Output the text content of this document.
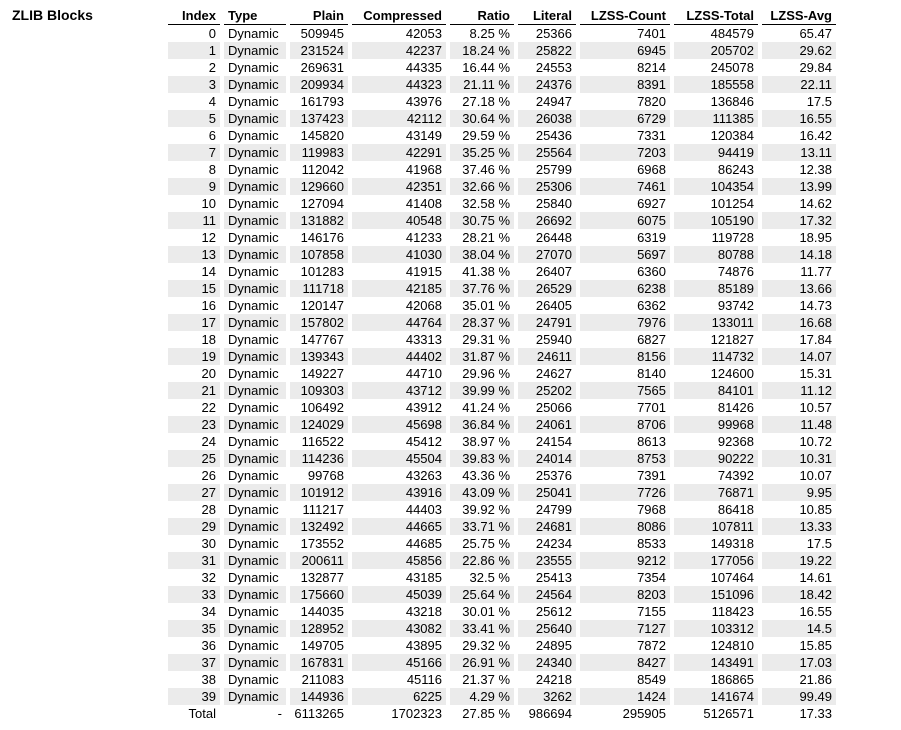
ZLIB Blocks	Index		Type		Plain		Compressed		Ratio		Literal		LZSS-Count		LZSS-Total		LZSS-Avg
0		Dynamic		509945		42053		8.25 %		25366		7401		484579		65.47
1		Dynamic		231524		42237		18.24 %		25822		6945		205702		29.62
2		Dynamic		269631		44335		16.44 %		24553		8214		245078		29.84
3		Dynamic		209934		44323		21.11 %		24376		8391		185558		22.11
4		Dynamic		161793		43976		27.18 %		24947		7820		136846		17.5
5		Dynamic		137423		42112		30.64 %		26038		6729		111385		16.55
6		Dynamic		145820		43149		29.59 %		25436		7331		120384		16.42
7		Dynamic		119983		42291		35.25 %		25564		7203		94419		13.11
8		Dynamic		112042		41968		37.46 %		25799		6968		86243		12.38
9		Dynamic		129660		42351		32.66 %		25306		7461		104354		13.99
10		Dynamic		127094		41408		32.58 %		25840		6927		101254		14.62
11		Dynamic		131882		40548		30.75 %		26692		6075		105190		17.32
12		Dynamic		146176		41233		28.21 %		26448		6319		119728		18.95
13		Dynamic		107858		41030		38.04 %		27070		5697		80788		14.18
14		Dynamic		101283		41915		41.38 %		26407		6360		74876		11.77
15		Dynamic		111718		42185		37.76 %		26529		6238		85189		13.66
16		Dynamic		120147		42068		35.01 %		26405		6362		93742		14.73
17		Dynamic		157802		44764		28.37 %		24791		7976		133011		16.68
18		Dynamic		147767		43313		29.31 %		25940		6827		121827		17.84
19		Dynamic		139343		44402		31.87 %		24611		8156		114732		14.07
20		Dynamic		149227		44710		29.96 %		24627		8140		124600		15.31
21		Dynamic		109303		43712		39.99 %		25202		7565		84101		11.12
22		Dynamic		106492		43912		41.24 %		25066		7701		81426		10.57
23		Dynamic		124029		45698		36.84 %		24061		8706		99968		11.48
24		Dynamic		116522		45412		38.97 %		24154		8613		92368		10.72
25		Dynamic		114236		45504		39.83 %		24014		8753		90222		10.31
26		Dynamic		99768		43263		43.36 %		25376		7391		74392		10.07
27		Dynamic		101912		43916		43.09 %		25041		7726		76871		9.95
28		Dynamic		111217		44403		39.92 %		24799		7968		86418		10.85
29		Dynamic		132492		44665		33.71 %		24681		8086		107811		13.33
30		Dynamic		173552		44685		25.75 %		24234		8533		149318		17.5
31		Dynamic		200611		45856		22.86 %		23555		9212		177056		19.22
32		Dynamic		132877		43185		32.5 %		25413		7354		107464		14.61
33		Dynamic		175660		45039		25.64 %		24564		8203		151096		18.42
34		Dynamic		144035		43218		30.01 %		25612		7155		118423		16.55
35		Dynamic		128952		43082		33.41 %		25640		7127		103312		14.5
36		Dynamic		149705		43895		29.32 %		24895		7872		124810		15.85
37		Dynamic		167831		45166		26.91 %		24340		8427		143491		17.03
38		Dynamic		211083		45116		21.37 %		24218		8549		186865		21.86
39		Dynamic		144936		6225		4.29 %		3262		1424		141674		99.49
Total		-		6113265		1702323		27.85 %		986694		295905		5126571		17.33
